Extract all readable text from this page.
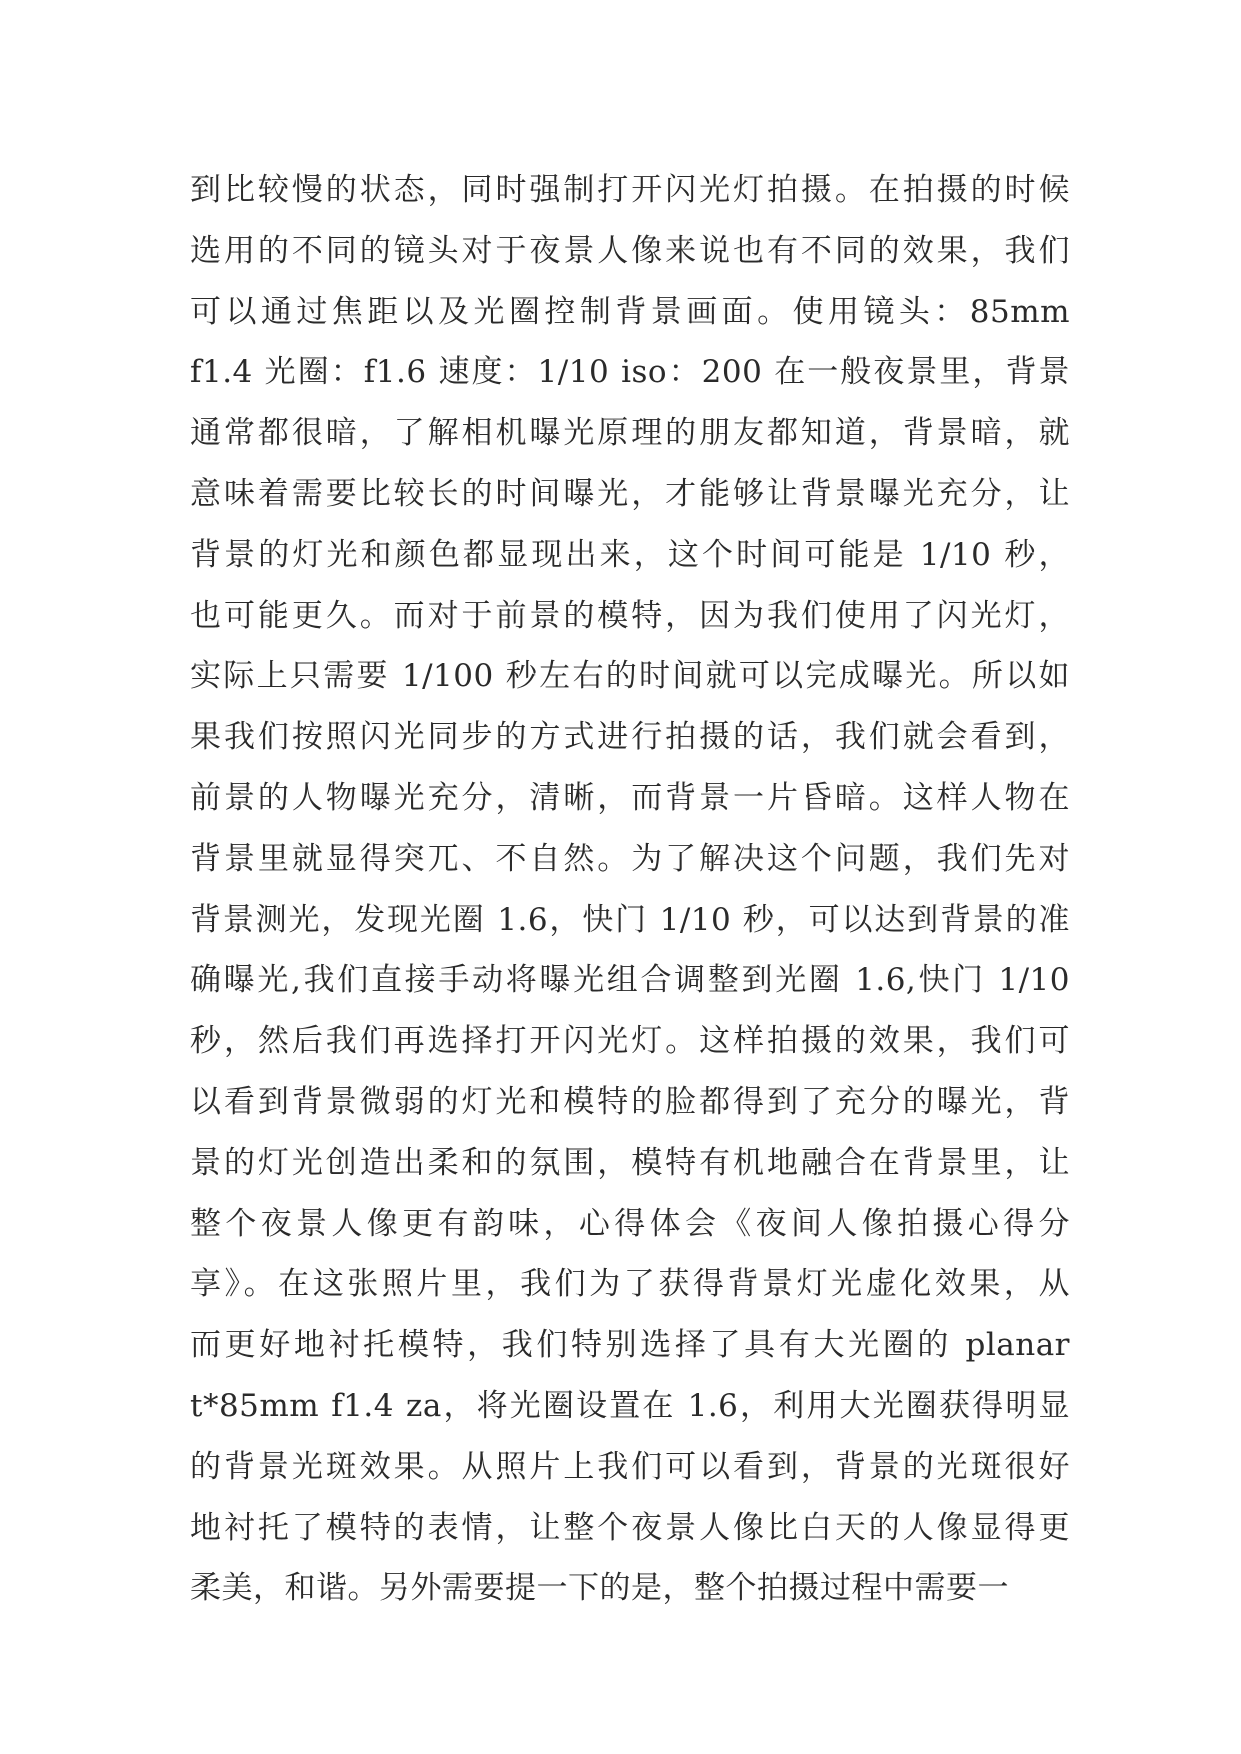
到比较慢的状态，同时强制打开闪光灯拍摄。在拍摄的时候
选用的不同的镜头对于夜景人像来说也有不同的效果，我们
可以通过焦距以及光圈控制背景画面。使用镜头：85mm
f1.4 光圈：f1.6 速度：1/10 iso：200 在一般夜景里，背景
通常都很暗，了解相机曝光原理的朋友都知道，背景暗，就
意味着需要比较长的时间曝光，才能够让背景曝光充分，让
背景的灯光和颜色都显现出来，这个时间可能是 1/10 秒，
也可能更久。而对于前景的模特，因为我们使用了闪光灯，
实际上只需要 1/100 秒左右的时间就可以完成曝光。所以如
果我们按照闪光同步的方式进行拍摄的话，我们就会看到，
前景的人物曝光充分，清晰，而背景一片昏暗。这样人物在
背景里就显得突兀、不自然。为了解决这个问题，我们先对
背景测光，发现光圈 1.6，快门 1/10 秒，可以达到背景的准
确曝光,我们直接手动将曝光组合调整到光圈 1.6,快门 1/10
秒，然后我们再选择打开闪光灯。这样拍摄的效果，我们可
以看到背景微弱的灯光和模特的脸都得到了充分的曝光，背
景的灯光创造出柔和的氛围，模特有机地融合在背景里，让
整个夜景人像更有韵味，心得体会《夜间人像拍摄心得分
享》。在这张照片里，我们为了获得背景灯光虚化效果，从
而更好地衬托模特，我们特别选择了具有大光圈的 planar
t*85mm f1.4 za，将光圈设置在 1.6，利用大光圈获得明显
的背景光斑效果。从照片上我们可以看到，背景的光斑很好
地衬托了模特的表情，让整个夜景人像比白天的人像显得更
柔美，和谐。另外需要提一下的是，整个拍摄过程中需要一
